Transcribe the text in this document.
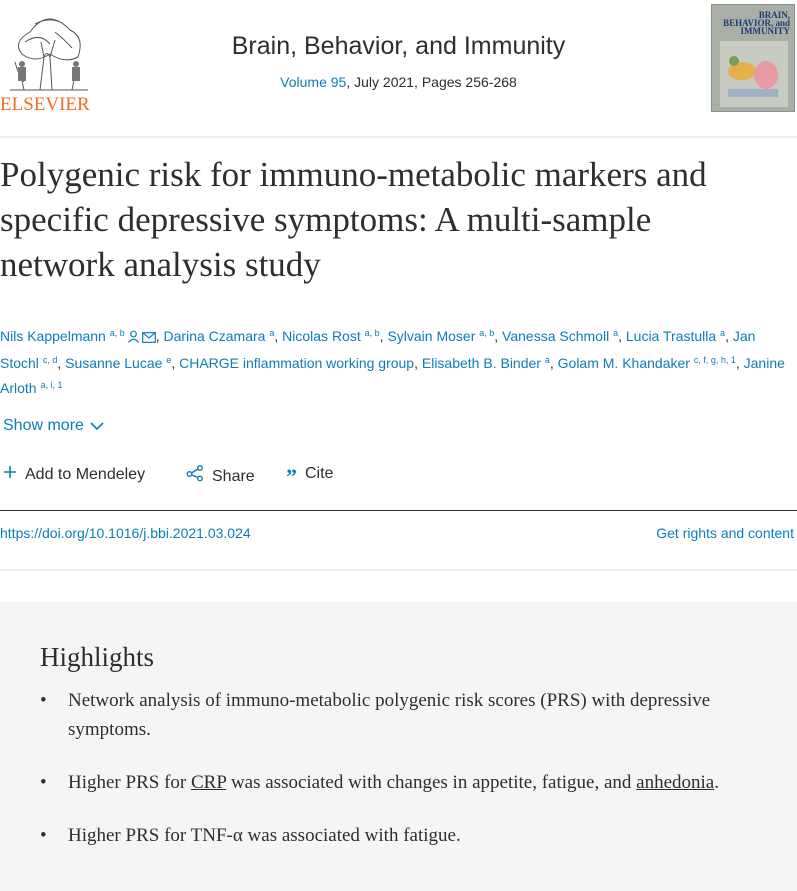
ELSEVIER
Brain, Behavior, and Immunity
Volume 95, July 2021, Pages 256-268
BRAIN, BEHAVIOR, and IMMUNITY
Polygenic risk for immuno-metabolic markers and specific depressive symptoms: A multi-sample network analysis study
Nils Kappelmann $^{a, b}$ , Darina Czamara $^a$, Nicolas Rost $^{a, b}$, Sylvain Moser $^{a, b}$, Vanessa Schmoll $^a$, Lucia Trastulla $^a$, Jan Stochl $^{c, d}$, Susanne Lucae $^e$, CHARGE inflammation working group, Elisabeth B. Binder $^a$, Golam M. Khandaker $^{c, f, g, h, 1}$, Janine Arloth $^{a, i, 1}$
Show more
Add to Mendeley	Share ” Cite
https://doi.org/10.1016/j.bbi.2021.03.024	Get rights and content
Highlights
• Network analysis of immuno-metabolic polygenic risk scores (PRS) with depressive symptoms.
• Higher PRS for CRP was associated with changes in appetite, fatigue, and anhedonia.
• Higher PRS for TNF-α was associated with fatigue.
